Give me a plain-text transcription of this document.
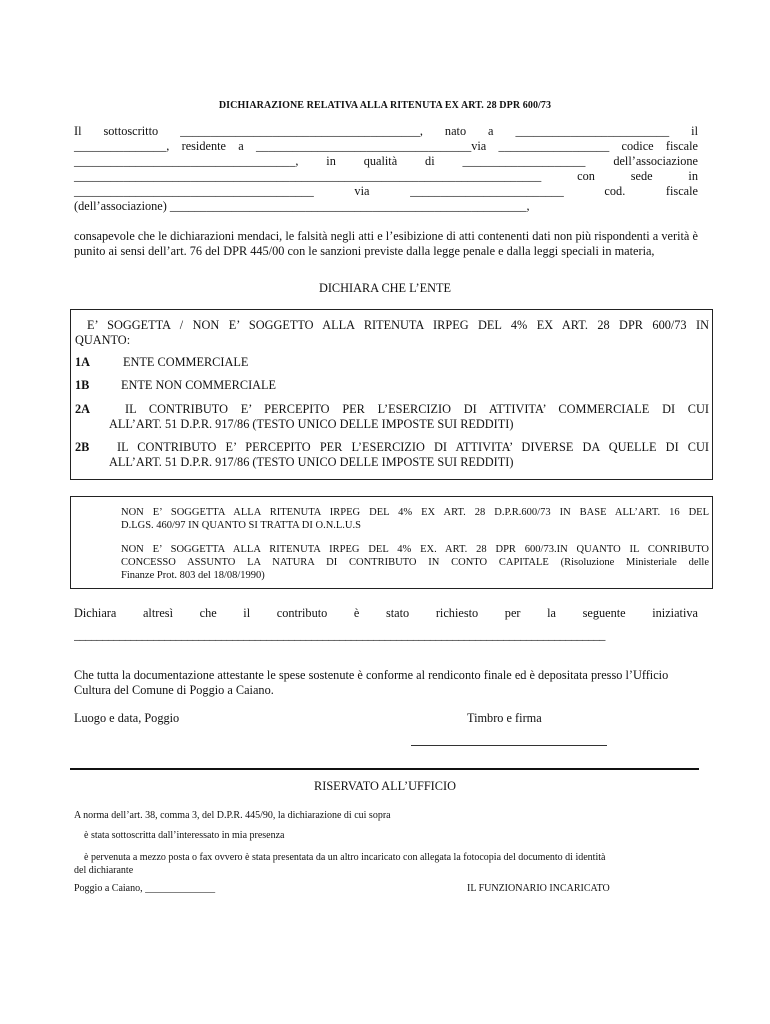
DICHIARAZIONE RELATIVA ALLA RITENUTA EX ART. 28 DPR 600/73
Il sottoscritto _______________________________________, nato a _________________________ il
_______________, residente a ___________________________________via __________________ codice fiscale
____________________________________, in qualità di ____________________ dell’associazione
____________________________________________________________________________ con sede in
_______________________________________ via _________________________ cod. fiscale
(dell’associazione) __________________________________________________________,
consapevole che le dichiarazioni mendaci, le falsità negli atti e l’esibizione di atti contenenti dati non più rispondenti a verità è punito ai sensi dell’art. 76 del DPR 445/00 con le sanzioni previste dalla legge penale e dalla leggi speciali in materia,
DICHIARA CHE L’ENTE
E’ SOGGETTA / NON E’ SOGGETTO ALLA RITENUTA IRPEG DEL 4% EX ART. 28 DPR 600/73 IN
QUANTO:
1A	ENTE COMMERCIALE
1B	ENTE NON COMMERCIALE
2A	IL CONTRIBUTO E’ PERCEPITO PER L’ESERCIZIO DI ATTIVITA’ COMMERCIALE DI CUI
ALL’ART. 51 D.P.R. 917/86 (TESTO UNICO DELLE IMPOSTE SUI REDDITI)
2B	IL CONTRIBUTO E’ PERCEPITO PER L’ESERCIZIO DI ATTIVITA’ DIVERSE DA QUELLE DI CUI
ALL’ART. 51 D.P.R. 917/86 (TESTO UNICO DELLE IMPOSTE SUI REDDITI)
NON E’ SOGGETTA ALLA RITENUTA IRPEG DEL 4% EX ART. 28 D.P.R.600/73 IN BASE ALL’ART. 16 DEL
D.LGS. 460/97 IN QUANTO SI TRATTA DI O.N.L.U.S
NON E’ SOGGETTA ALLA RITENUTA IRPEG DEL 4% EX. ART. 28 DPR 600/73.IN QUANTO IL CONRIBUTO
CONCESSO ASSUNTO LA NATURA DI CONTRIBUTO IN CONTO CAPITALE (Risoluzione Ministeriale delle
Finanze Prot. 803 del 18/08/1990)
Dichiara altresì che il contributo è stato richiesto per la seguente iniziativa
______________________________________________________________________________________________
Che tutta la documentazione attestante le spese sostenute è conforme al rendiconto finale ed è depositata presso l’Ufficio Cultura del Comune di Poggio a Caiano.
Luogo e data, Poggio	Timbro e firma
RISERVATO ALL’UFFICIO
A norma dell’art. 38, comma 3, del D.P.R. 445/90, la dichiarazione di cui sopra
è stata sottoscritta dall’interessato in mia presenza
è pervenuta a mezzo posta o fax ovvero è stata presentata da un altro incaricato con allegata la fotocopia del documento di identità
del dichiarante
Poggio a Caiano, ______________	IL FUNZIONARIO INCARICATO
